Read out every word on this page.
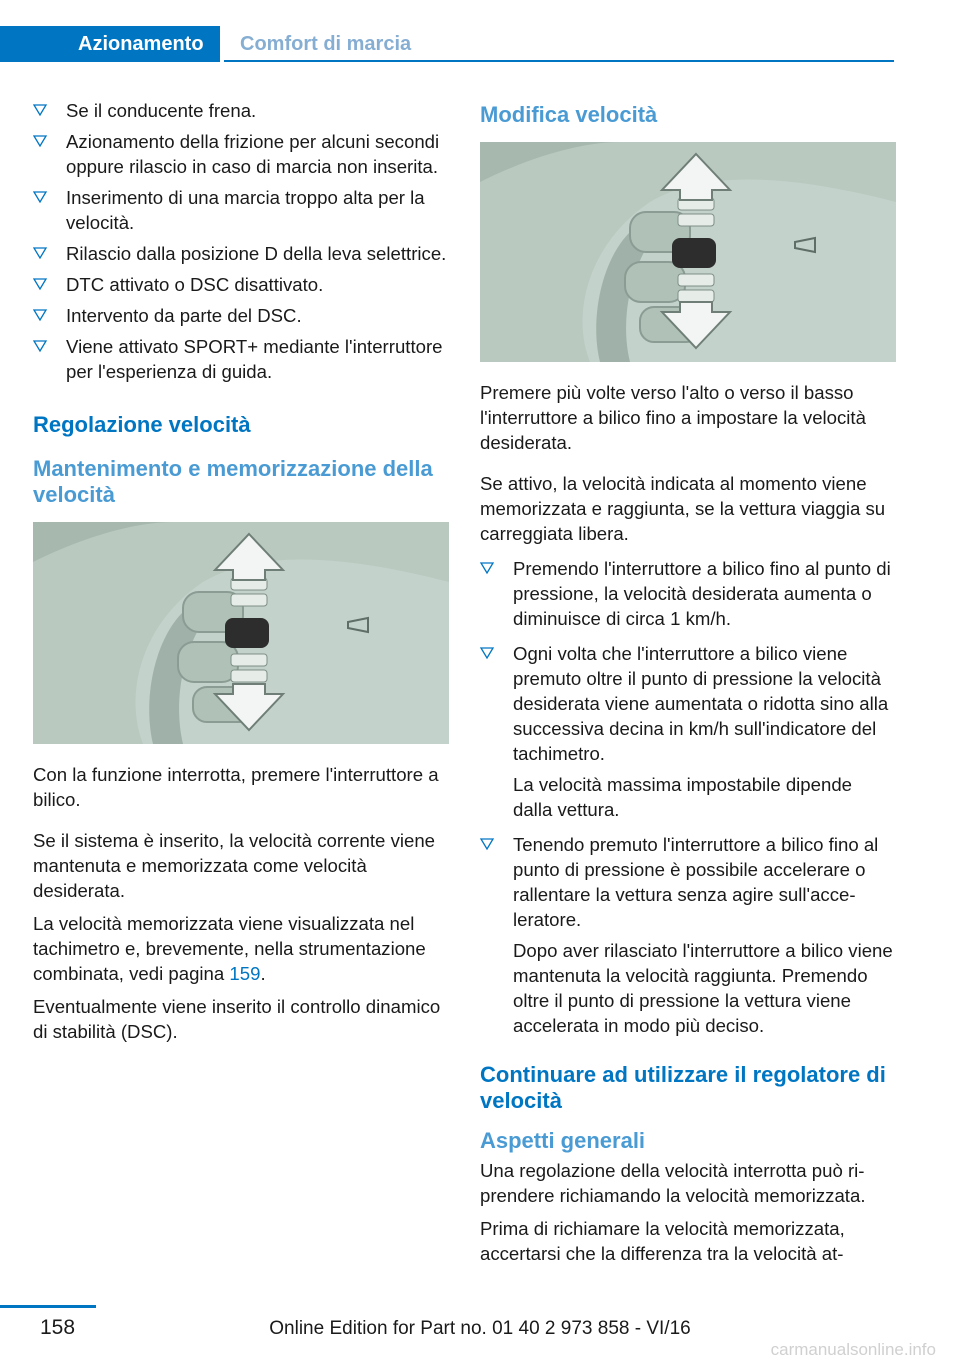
Azionamento	Comfort di marcia
Se il conducente frena.
Azionamento della frizione per alcuni secondi oppure rilascio in caso di marcia non inserita.
Inserimento di una marcia troppo alta per la velocità.
Rilascio dalla posizione D della leva selettrice.
DTC attivato o DSC disattivato.
Intervento da parte del DSC.
Viene attivato SPORT+ mediante l'interruttore per l'esperienza di guida.
Regolazione velocità
Mantenimento e memorizzazione della velocità

Con la funzione interrotta, premere l'interruttore a bilico.

Se il sistema è inserito, la velocità corrente viene mantenuta e memorizzata come velocità desiderata.

La velocità memorizzata viene visualizzata nel tachimetro e, brevemente, nella strumentazione combinata, vedi pagina 159.

Eventualmente viene inserito il controllo dinamico di stabilità (DSC).

Modifica velocità

Premere più volte verso l'alto o verso il basso l'interruttore a bilico fino a impostare la velocità desiderata.

Se attivo, la velocità indicata al momento viene memorizzata e raggiunta, se la vettura viaggia su carreggiata libera.

Premendo l'interruttore a bilico fino al punto di pressione, la velocità desiderata aumenta o diminuisce di circa 1 km/h.
Ogni volta che l'interruttore a bilico viene premuto oltre il punto di pressione la velocità desiderata viene aumentata o ridotta sino alla successiva decina in km/h sull'indicatore del tachimetro.
La velocità massima impostabile dipende dalla vettura.
Tenendo premuto l'interruttore a bilico fino al punto di pressione è possibile accelerare o rallentare la vettura senza agire sull'acceleratore.
Dopo aver rilasciato l'interruttore a bilico viene mantenuta la velocità raggiunta. Premendo oltre il punto di pressione la vettura viene accelerata in modo più deciso.
Continuare ad utilizzare il regolatore di velocità
Aspetti generali

Una regolazione della velocità interrotta può riprendere richiamando la velocità memorizzata.

Prima di richiamare la velocità memorizzata, accertarsi che la differenza tra la velocità at-

158	Online Edition for Part no. 01 40 2 973 858 - VI/16
carmanualsonline.info
